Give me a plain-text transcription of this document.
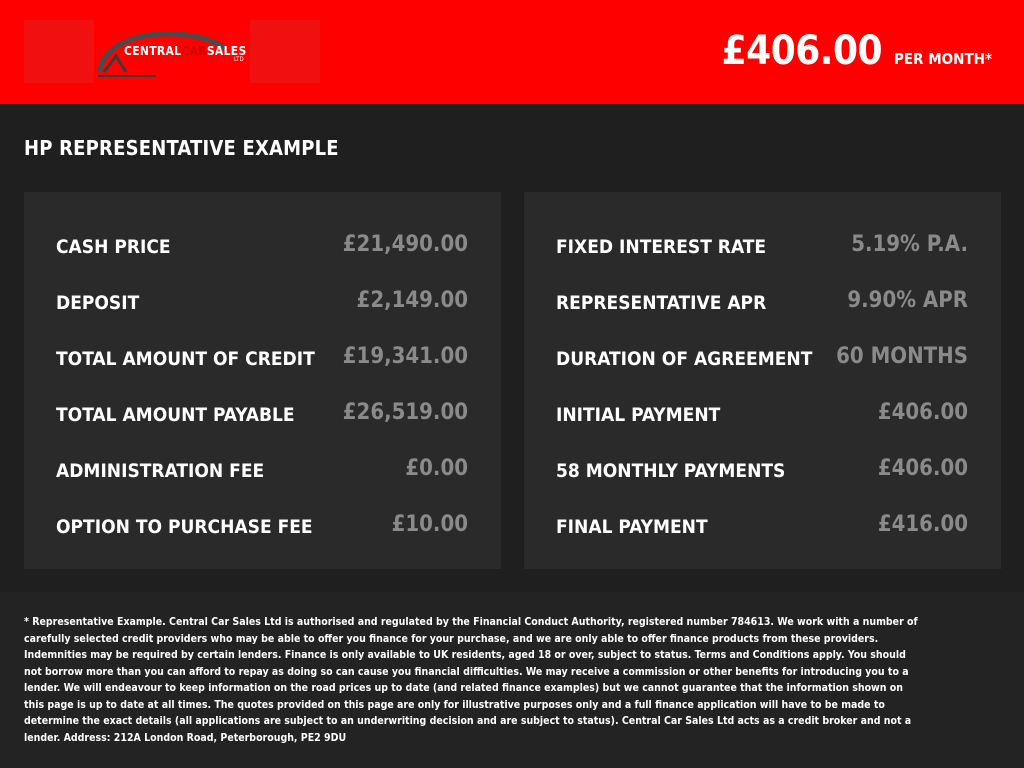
CENTRALCARSALES
LTD	£406.00 PER MONTH*
HP REPRESENTATIVE EXAMPLE
CASH PRICE	£21,490.00
DEPOSIT	£2,149.00
TOTAL AMOUNT OF CREDIT £19,341.00
TOTAL AMOUNT PAYABLE £26,519.00
ADMINISTRATION FEE	£0.00
OPTION TO PURCHASE FEE	£10.00
FIXED INTEREST RATE	5.19% P.A.
REPRESENTATIVE APR	9.90% APR
DURATION OF AGREEMENT 60 MONTHS
INITIAL PAYMENT	£406.00
58 MONTHLY PAYMENTS	£406.00
FINAL PAYMENT	£416.00
* Representative Example. Central Car Sales Ltd is authorised and regulated by the Financial Conduct Authority, registered number 784613. We work with a number of carefully selected credit providers who may be able to offer you finance for your purchase, and we are only able to offer finance products from these providers. Indemnities may be required by certain lenders. Finance is only available to UK residents, aged 18 or over, subject to status. Terms and Conditions apply. You should not borrow more than you can afford to repay as doing so can cause you financial difficulties. We may receive a commission or other benefits for introducing you to a lender. We will endeavour to keep information on the road prices up to date (and related finance examples) but we cannot guarantee that the information shown on this page is up to date at all times. The quotes provided on this page are only for illustrative purposes only and a full finance application will have to be made to determine the exact details (all applications are subject to an underwriting decision and are subject to status). Central Car Sales Ltd acts as a credit broker and not a lender. Address: 212A London Road, Peterborough, PE2 9DU
